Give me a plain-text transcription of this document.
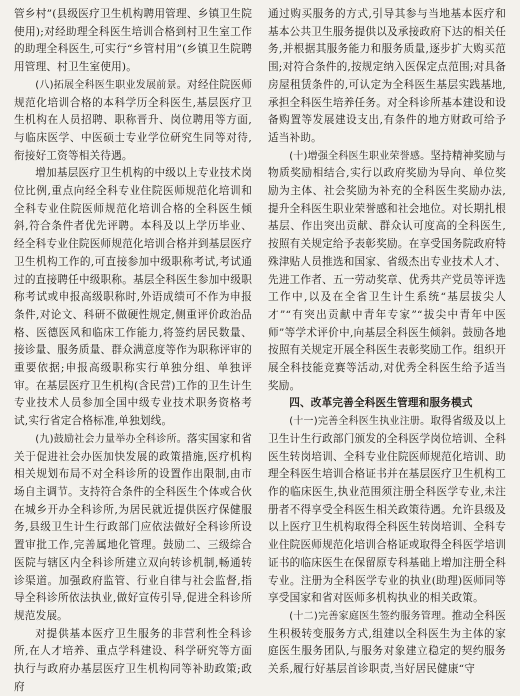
管乡村”(县级医疗卫生机构聘用管理、乡镇卫生院使用);对经助理全科医生培训合格到村卫生室工作的助理全科医生,可实行“乡管村用”(乡镇卫生院聘用管理、村卫生室使用)。

(八)拓展全科医生职业发展前景。对经住院医师规范化培训合格的本科学历全科医生,基层医疗卫生机构在人员招聘、职称晋升、岗位聘用等方面,与临床医学、中医硕士专业学位研究生同等对待,衔接好工资等相关待遇。

增加基层医疗卫生机构的中级以上专业技术岗位比例,重点向经全科专业住院医师规范化培训和全科专业住院医师规范化培训合格的全科医生倾斜,符合条件者优先评聘。本科及以上学历毕业、经全科专业住院医师规范化培训合格并到基层医疗卫生机构工作的,可直接参加中级职称考试,考试通过的直接聘任中级职称。基层全科医生参加中级职称考试或申报高级职称时,外语成绩可不作为申报条件,对论文、科研不做硬性规定,侧重评价政治品格、医德医风和临床工作能力,将签约居民数量、接诊量、服务质量、群众满意度等作为职称评审的重要依据;申报高级职称实行单独分组、单独评审。在基层医疗卫生机构(含民营)工作的卫生计生专业技术人员参加全国中级专业技术职务资格考试,实行省定合格标准,单独划线。

(九)鼓励社会力量举办全科诊所。落实国家和省关于促进社会办医加快发展的政策措施,医疗机构相关规划布局不对全科诊所的设置作出限制,由市场自主调节。支持符合条件的全科医生个体或合伙在城乡开办全科诊所,为居民就近提供医疗保健服务,县级卫生计生行政部门应依法做好全科诊所设置审批工作,完善属地化管理。鼓励二、三级综合医院与辖区内全科诊所建立双向转诊机制,畅通转诊渠道。加强政府监管、行业自律与社会监督,指导全科诊所依法执业,做好宣传引导,促进全科诊所规范发展。

对提供基本医疗卫生服务的非营利性全科诊所,在人才培养、重点学科建设、科学研究等方面执行与政府办基层医疗卫生机构同等补助政策;政府

通过购买服务的方式,引导其参与当地基本医疗和基本公共卫生服务提供以及承接政府下达的相关任务,并根据其服务能力和服务质量,逐步扩大购买范围;对符合条件的,按规定纳入医保定点范围;对具备房屋租赁条件的,可认定为全科医生基层实践基地,承担全科医生培养任务。对全科诊所基本建设和设备购置等发展建设支出,有条件的地方财政可给予适当补助。

(十)增强全科医生职业荣誉感。坚持精神奖励与物质奖励相结合,实行以政府奖励为导向、单位奖励为主体、社会奖励为补充的全科医生奖励办法,提升全科医生职业荣誉感和社会地位。对长期扎根基层、作出突出贡献、群众认可度高的全科医生,按照有关规定给予表彰奖励。在享受国务院政府特殊津贴人员推选和国家、省级杰出专业技术人才、先进工作者、五一劳动奖章、优秀共产党员等评选工作中,以及在全省卫生计生系统“基层拔尖人才”“有突出贡献中青年专家”“拔尖中青年中医师”等学术评价中,向基层全科医生倾斜。鼓励各地按照有关规定开展全科医生表彰奖励工作。组织开展全科技能竞赛等活动,对优秀全科医生给予适当奖励。

四、改革完善全科医生管理和服务模式

(十一)完善全科医生执业注册。取得省级及以上卫生计生行政部门颁发的全科医学岗位培训、全科医生转岗培训、全科专业住院医师规范化培训、助理全科医生培训合格证书并在基层医疗卫生机构工作的临床医生,执业范围须注册全科医学专业,未注册者不得享受全科医生相关政策待遇。允许县级及以上医疗卫生机构取得全科医生转岗培训、全科专业住院医师规范化培训合格证或取得全科医学培训证书的临床医生在保留原专科基础上增加注册全科专业。注册为全科医学专业的执业(助理)医师同等享受国家和省对医师多机构执业的相关政策。

(十二)完善家庭医生签约服务管理。推动全科医生积极转变服务方式,组建以全科医生为主体的家庭医生服务团队,与服务对象建立稳定的契约服务关系,履行好基层首诊职责,当好居民健康“守
